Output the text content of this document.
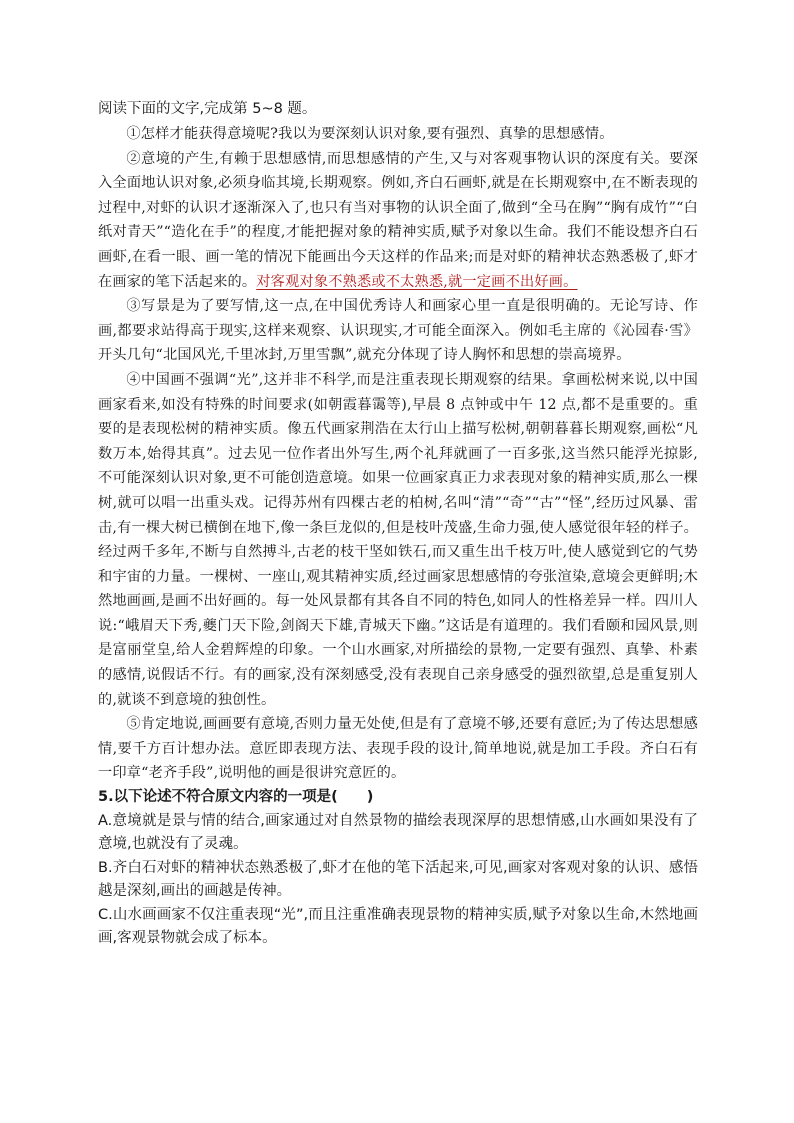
阅读下面的文字,完成第 5~8 题。

①怎样才能获得意境呢?我以为要深刻认识对象,要有强烈、真挚的思想感情。

②意境的产生,有赖于思想感情,而思想感情的产生,又与对客观事物认识的深度有关。要深入全面地认识对象,必须身临其境,长期观察。例如,齐白石画虾,就是在长期观察中,在不断表现的过程中,对虾的认识才逐渐深入了,也只有当对事物的认识全面了,做到“全马在胸”“胸有成竹”“白纸对青天”“造化在手”的程度,才能把握对象的精神实质,赋予对象以生命。我们不能设想齐白石画虾,在看一眼、画一笔的情况下能画出今天这样的作品来;而是对虾的精神状态熟悉极了,虾才在画家的笔下活起来的。对客观对象不熟悉或不太熟悉,就一定画不出好画。

③写景是为了要写情,这一点,在中国优秀诗人和画家心里一直是很明确的。无论写诗、作画,都要求站得高于现实,这样来观察、认识现实,才可能全面深入。例如毛主席的《沁园春·雪》开头几句“北国风光,千里冰封,万里雪飘”,就充分体现了诗人胸怀和思想的崇高境界。

④中国画不强调“光”,这并非不科学,而是注重表现长期观察的结果。拿画松树来说,以中国画家看来,如没有特殊的时间要求(如朝霞暮霭等),早晨 8 点钟或中午 12 点,都不是重要的。重要的是表现松树的精神实质。像五代画家荆浩在太行山上描写松树,朝朝暮暮长期观察,画松“凡数万本,始得其真”。过去见一位作者出外写生,两个礼拜就画了一百多张,这当然只能浮光掠影,不可能深刻认识对象,更不可能创造意境。如果一位画家真正力求表现对象的精神实质,那么一棵树,就可以唱一出重头戏。记得苏州有四棵古老的柏树,名叫“清”“奇”“古”“怪”,经历过风暴、雷击,有一棵大树已横倒在地下,像一条巨龙似的,但是枝叶茂盛,生命力强,使人感觉很年轻的样子。经过两千多年,不断与自然搏斗,古老的枝干坚如铁石,而又重生出千枝万叶,使人感觉到它的气势和宇宙的力量。一棵树、一座山,观其精神实质,经过画家思想感情的夸张渲染,意境会更鲜明;木然地画画,是画不出好画的。每一处风景都有其各自不同的特色,如同人的性格差异一样。四川人说:“峨眉天下秀,夔门天下险,剑阁天下雄,青城天下幽。”这话是有道理的。我们看颐和园风景,则是富丽堂皇,给人金碧辉煌的印象。一个山水画家,对所描绘的景物,一定要有强烈、真挚、朴素的感情,说假话不行。有的画家,没有深刻感受,没有表现自己亲身感受的强烈欲望,总是重复别人的,就谈不到意境的独创性。

⑤肯定地说,画画要有意境,否则力量无处使,但是有了意境不够,还要有意匠;为了传达思想感情,要千方百计想办法。意匠即表现方法、表现手段的设计,简单地说,就是加工手段。齐白石有一印章“老齐手段”,说明他的画是很讲究意匠的。

5.以下论述不符合原文内容的一项是(　　)

A.意境就是景与情的结合,画家通过对自然景物的描绘表现深厚的思想情感,山水画如果没有了意境,也就没有了灵魂。

B.齐白石对虾的精神状态熟悉极了,虾才在他的笔下活起来,可见,画家对客观对象的认识、感悟越是深刻,画出的画越是传神。

C.山水画画家不仅注重表现“光”,而且注重准确表现景物的精神实质,赋予对象以生命,木然地画画,客观景物就会成了标本。
